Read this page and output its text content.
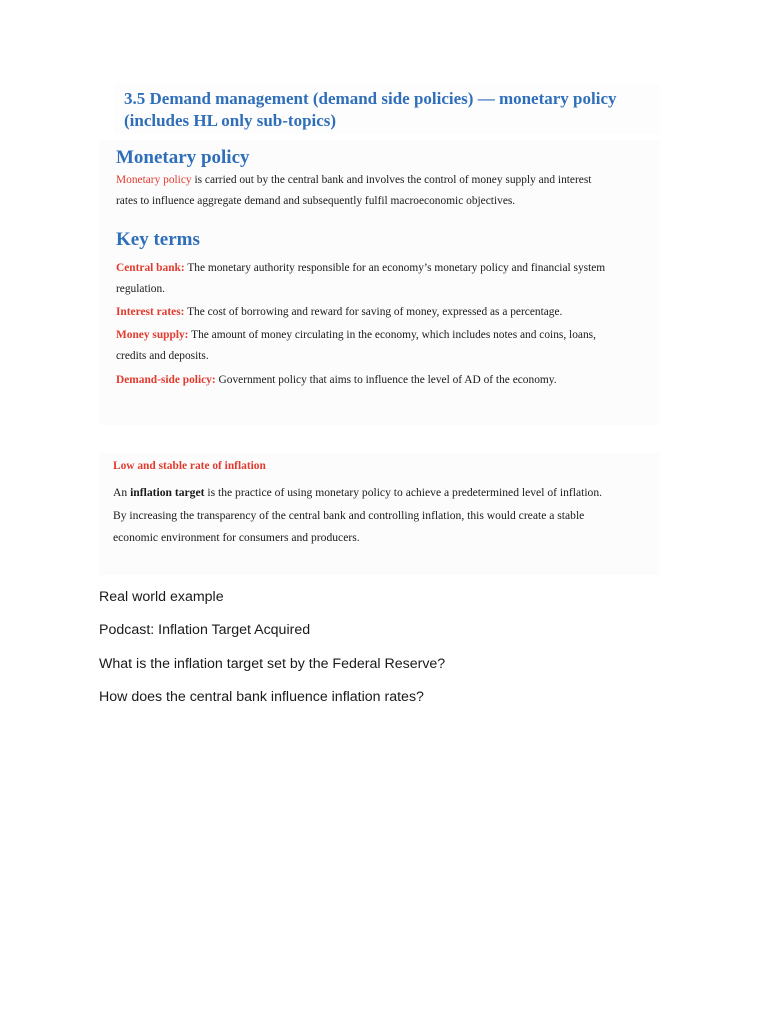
3.5 Demand management (demand side policies) — monetary policy
(includes HL only sub-topics)
Monetary policy

Monetary policy is carried out by the central bank and involves the control of money supply and interest
rates to influence aggregate demand and subsequently fulfil macroeconomic objectives.

Key terms

Central bank: The monetary authority responsible for an economy’s monetary policy and financial system
regulation.

Interest rates: The cost of borrowing and reward for saving of money, expressed as a percentage.

Money supply: The amount of money circulating in the economy, which includes notes and coins, loans,
credits and deposits.

Demand-side policy: Government policy that aims to influence the level of AD of the economy.

Low and stable rate of inflation

An inflation target is the practice of using monetary policy to achieve a predetermined level of inflation.
By increasing the transparency of the central bank and controlling inflation, this would create a stable
economic environment for consumers and producers.

Real world example

Podcast: Inflation Target Acquired

What is the inflation target set by the Federal Reserve?

How does the central bank influence inflation rates?
